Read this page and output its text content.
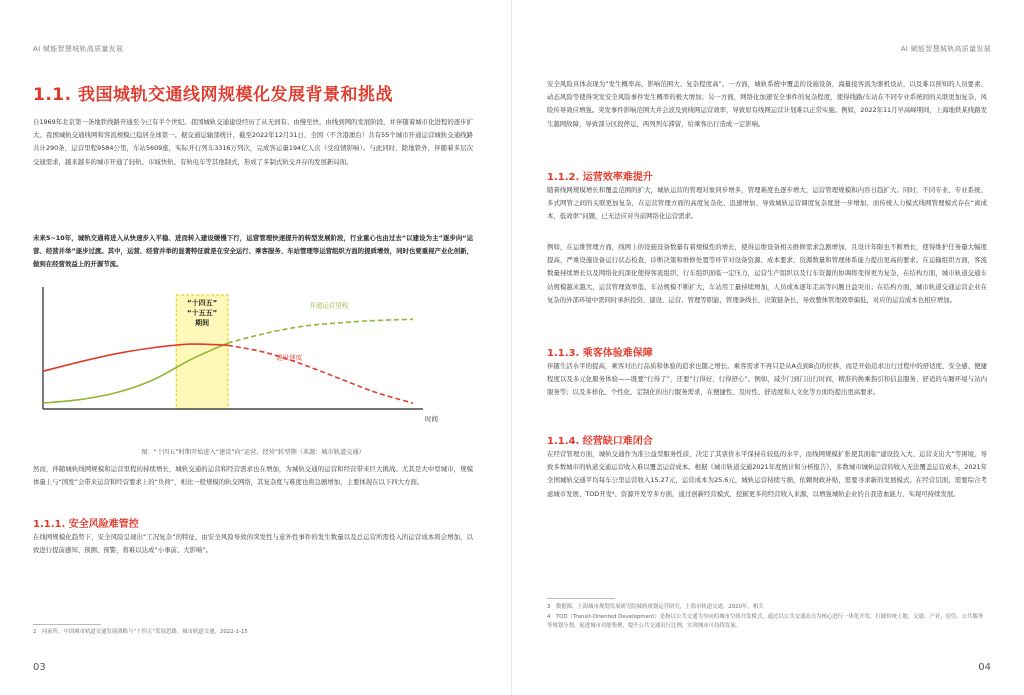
AI 赋能智慧城轨高质量发展
1.1. 我国城轨交通线网规模化发展背景和挑战

自1969年北京第一条地铁线路开通至今已有半个世纪。我国城轨交通建设经历了从无到有、由慢至快，由线到网的发展阶段，并伴随着城市化进程的逐步扩大。我国城轨交通线网和客流规模已稳居全球第一。据交通运输部统计，截至2022年12月31日，全国（不含港澳台）共有55个城市开通运营城轨交通线路共计290条，运营里程9584公里，车站5609座，实际开行列车3316万列次，完成客运量194亿人次（受疫情影响）。与此同时，除地铁外，伴随着多层次交通需求，越来越多的城市开通了轻轨、市域快轨、有轨电车等其他制式，形成了多制式轨交并存的发展新局面。

未来5~10年，城轨交通将进入从快速步入平稳、进而转入建设缓慢下行，运营管理快速提升的转型发展阶段，行业重心也由过去“以建设为主”逐步向“运营、经营并举”逐步过渡。其中，运营、经营并举的显著特征就是在安全运行、乘客服务、车站管理等运营组织方面的提质增效，同时也要重视产业化创新，做到在经营效益上的开源节流。

“十四五”
“十五五”
期间
开通运营里程
建设速度
时间

图：“十四五”时期开始进入“建设”向“运营、经营”转型期（来源：城市轨道交通）

然而，伴随城轨线网规模和运营里程的持续增长，城轨交通的运营和经营需求也在增加，为城轨交通的运营和经营带来巨大挑战。尤其是大中型城市，规模体量上与“国发”会带来运营和经营要求上的“负荷”，相比一般规模的轨交网络，其复杂度与难度也将急剧增加，主要体现在以下四大方面。

1.1.1. 安全风险难管控

在线网规模化趋势下，安全风险呈现出“工况复杂”的特征，由安全风险导致的突发性与意外性事件的发生数量以及总运营所需投入的运营成本将会增加，以致进行提前感知、预测、预警，将难以达成“小事前、大影响”。

2　同前所，中国城市轨道交通发展战略与“十四五”发展思路，城市轨道交通，2022-1-15

03
AI 赋能智慧城轨高质量发展

安全风险具体表现为“发生概率高、影响范围大、复杂程度高”。一方面，城轨系统中覆盖的设施设备，海量接客流为驱机设站，以及难以预知的人员要素、动态风险等使得突发安全风险事件发生概率的极大增加；另一方面，网络化加速安全事件的复杂程度，使得线路/车站在不同专业系统间的关联更加复杂，风险传导效应增强。突发事件影响范围大并会波及到线网运营效率，导致原有线网运营计划难以正常实施。例如，2022年11月早高峰期间，上海地铁某线路发生越网故障，导致部分区段停运，两列列车滞留，给乘客出行造成一定影响。

1.1.2. 运营效率难提升

随着线网规模增长和覆盖范围的扩大，城轨运营的管理对象同步增多，管理难度也逐步增大，运营管理规模和内容日趋扩大。同时，不同专业、专业系统、多式网管之间的关联更加复杂，在运营管理方面的高度复杂化、迅速增加、导致城轨运营调度复杂度进一步增加，而传统人力模式线网管理模式存在“离成本，低效率”问题，已无法应对当前网络化运营需求。

例如，在运维管理方面，线网上的设施设备数量有着规模性的增长，使得运维设备相关维修需求急剧增加，且设计年限也不断增长，使得维护任务量大幅度提高，严重设施设备运行状态检查，诊断决策和维修处置等环节对设备资源、成本要求、资源数量和管理体系能力提出更高的要求。在运输组织方面，客流数量持续增长以及网络化的深化使得客流组织、行车组织面临一定压力，运营生产组织以及行车资源的协调将变得更为复杂，在结构方面，城市轨道交通车站规模越来越大，运营管理效率低、车站规模不断扩大，车站用工量持续增加，人员成本逐年走高等问题日益突出；在结构方面，城市轨道交通运营企业在复杂的外部环境中需同时承担投资、建设、运营、管理等职能，管理条线长，决策链条长，导致整体管理效率偏低，对应的运营成本也相应增加。

1.1.3. 乘客体验难保障

伴随生活水平的提高，乘客对出行品质和体验的追求也随之增长。乘客需求不再只是从A点到B点的位移，而是开始追求出行过程中的舒适度、安全感、便捷程度以及多元化服务体验——既要“行得了”，还要“行得好、行得舒心”。例如，减少门到门出行时间，精准的换乘指引和信息服务，舒适的车厢环境与站内服务等；以及多样化、个性化、定制化的出行服务需求，在便捷性、及时性、舒适度和人文化等方面均提出更高要求。

1.1.4. 经营缺口难闭合

在经营管理方面，城轨交通作为准公益型服务性质，决定了其票价水平保持在较低的水平，而线网规模扩张使其面临“建设投入大、运营支出大”等困境，导致多数城市的轨道交通运营收入难以覆盖运营成本。根据《城市轨道交通2021年度统计和分析报告》，多数城市城轨运营的收入无法覆盖运营成本，2021年全国城轨交通平均每车公里运营收入15.27元，运营成本为25.6元，城轨运营持续亏损，依赖财政补贴，需要寻求新的发展模式。在经营层面，需要综合考虑城市发展、TOD开发⁴、资源开发等多方面，通过创新经营模式，挖掘更多的经营收入来源，以增强城轨企业的自我造血能力，实现可持续发展。

3　数据源，上海城市规划发展研究院城轨规划运营研究，上海市轨道交通，2020年，相关

4　TOD（Transit-Oriented Development）是指以公共交通为导向的城市空间开发模式，通过以公共交通站点为核心进行一体化开发，打破传统土地、交通、产业、居住、公共服务等规划分割，促进城市功能集聚，提升公共交通出行比例，实现城市可持续发展。

04
